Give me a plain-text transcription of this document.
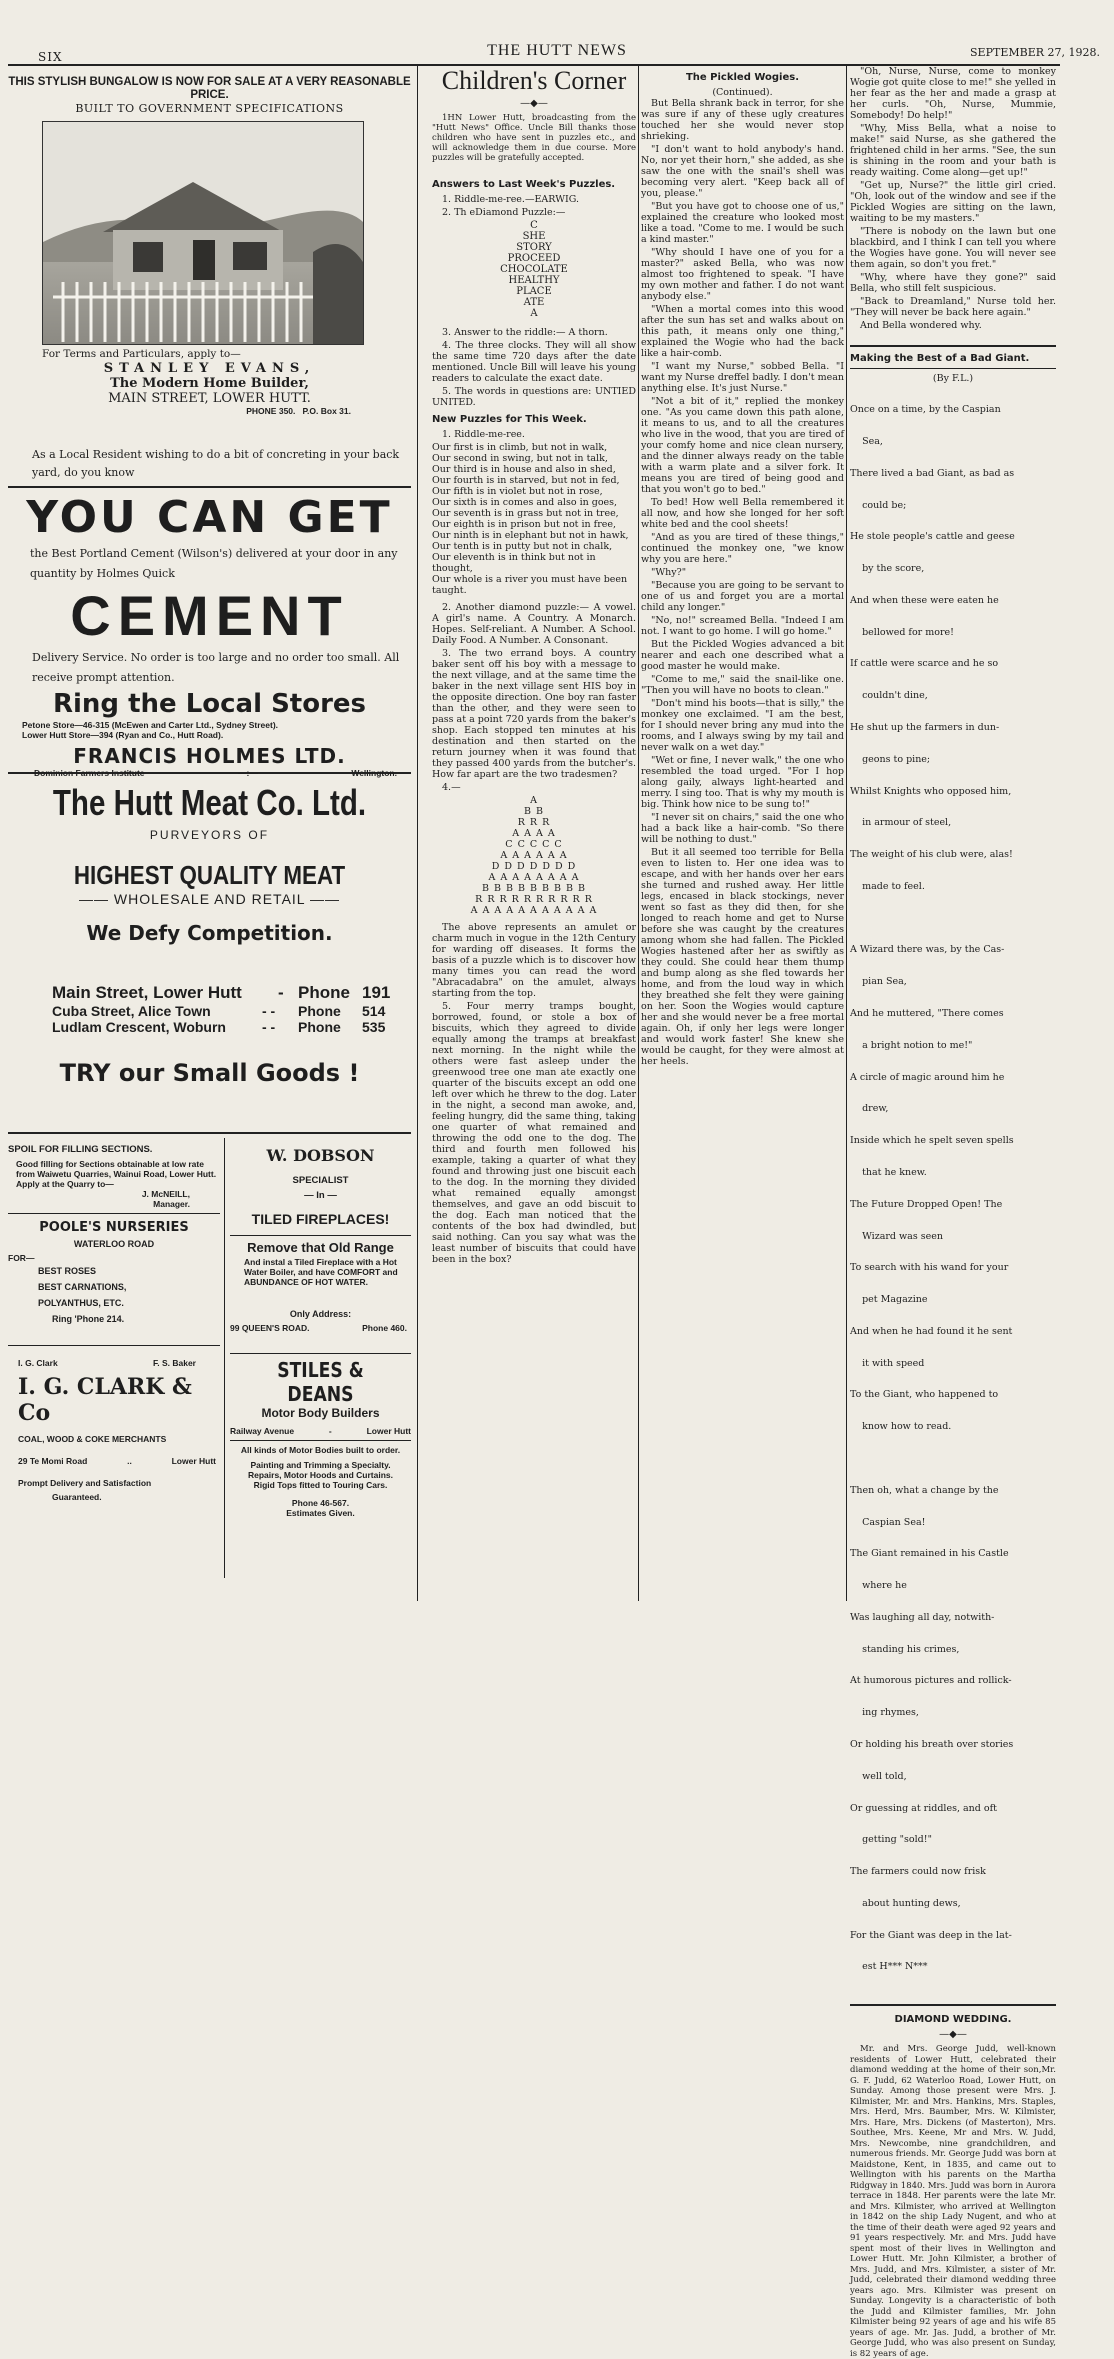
SIX	THE HUTT NEWS	SEPTEMBER 27, 1928.
THIS STYLISH BUNGALOW IS NOW FOR SALE AT A VERY REASONABLE PRICE.
BUILT TO GOVERNMENT SPECIFICATIONS
For Terms and Particulars, apply to—
STANLEY EVANS,
The Modern Home Builder,
MAIN STREET, LOWER HUTT.
PHONE 350. P.O. Box 31.
As a Local Resident wishing to do a bit of concreting in your back yard, do you know
YOU CAN GET
the Best Portland Cement (Wilson's) delivered at your door in any quantity by Holmes Quick
CEMENT
Delivery Service. No order is too large and no order too small. All receive prompt attention.
Ring the Local Stores
Petone Store—46-315 (McEwen and Carter Ltd., Sydney Street).
Lower Hutt Store—394 (Ryan and Co., Hutt Road).
FRANCIS HOLMES LTD.
Dominion Farmers Institute	—:—	Wellington.
The Hutt Meat Co. Ltd.
PURVEYORS OF
HIGHEST QUALITY MEAT
—— WHOLESALE AND RETAIL ——
We Defy Competition.
Main Street, Lower Hutt	- Phone 191
Cuba Street, Alice Town	- -	Phone	514
Ludlam Crescent, Woburn	- -	Phone	535
TRY our Small Goods !
SPOIL FOR FILLING SECTIONS.
Good filling for Sections obtainable at low rate from Waiwetu Quarries, Wainui Road, Lower Hutt. Apply at the Quarry to—
J. McNEILL,
Manager.
POOLE'S NURSERIES
WATERLOO ROAD
FOR—
BEST ROSES
BEST CARNATIONS,
POLYANTHUS, ETC.
Ring 'Phone 214.
I. G. Clark	F. S. Baker
I. G. CLARK & Co
COAL, WOOD & COKE MERCHANTS
29 Te Momi Road	..	Lower Hutt
Prompt Delivery and Satisfaction
Guaranteed.
W. DOBSON
SPECIALIST
— In —
TILED FIREPLACES!
Remove that Old Range
And instal a Tiled Fireplace with a Hot Water Boiler, and have COMFORT and ABUNDANCE OF HOT WATER.
Only Address:
99 QUEEN'S ROAD.	Phone 460.
STILES & DEANS
Motor Body Builders
Railway Avenue	-	Lower Hutt
All kinds of Motor Bodies built to order.
Painting and Trimming a Specialty.
Repairs, Motor Hoods and Curtains.
Rigid Tops fitted to Touring Cars.
Phone 46-567.
Estimates Given.
Children's Corner
—◆—

1HN Lower Hutt, broadcasting from the "Hutt News" Office. Uncle Bill thanks those children who have sent in puzzles etc., and will acknowledge them in due course. More puzzles will be gratefully accepted.

Answers to Last Week's Puzzles.

1. Riddle-me-ree.—EARWIG.

2. Th eDiamond Puzzle:—

C
SHE
STORY
PROCEED
CHOCOLATE
HEALTHY
PLACE
ATE
A

3. Answer to the riddle:— A thorn.

4. The three clocks. They will all show the same time 720 days after the date mentioned. Uncle Bill will leave his young readers to calculate the exact date.

5. The words in questions are: UNTIED UNITED.

New Puzzles for This Week.

1. Riddle-me-ree.

Our first is in climb, but not in walk,
Our second in swing, but not in talk,
Our third is in house and also in shed,
Our fourth is in starved, but not in fed,
Our fifth is in violet but not in rose,
Our sixth is in comes and also in goes,
Our seventh is in grass but not in tree,
Our eighth is in prison but not in free,
Our ninth is in elephant but not in hawk,
Our tenth is in putty but not in chalk,
Our eleventh is in think but not in thought,
Our whole is a river you must have been taught.

2. Another diamond puzzle:— A vowel. A girl's name. A Country. A Monarch. Hopes. Self-reliant. A Number. A School. Daily Food. A Number. A Consonant.

3. The two errand boys. A country baker sent off his boy with a message to the next village, and at the same time the baker in the next village sent HIS boy in the opposite direction. One boy ran faster than the other, and they were seen to pass at a point 720 yards from the baker's shop. Each stopped ten minutes at his destination and then started on the return journey when it was found that they passed 400 yards from the butcher's. How far apart are the two tradesmen?

4.—

A
B B
R R R
A A A A
C C C C C
A A A A A A
D D D D D D D
A A A A A A A A
B B B B B B B B B
R R R R R R R R R R
A A A A A A A A A A A

The above represents an amulet or charm much in vogue in the 12th Century for warding off diseases. It forms the basis of a puzzle which is to discover how many times you can read the word "Abracadabra" on the amulet, always starting from the top.

5. Four merry tramps bought, borrowed, found, or stole a box of biscuits, which they agreed to divide equally among the tramps at breakfast next morning. In the night while the others were fast asleep under the greenwood tree one man ate exactly one quarter of the biscuits except an odd one left over which he threw to the dog. Later in the night, a second man awoke, and, feeling hungry, did the same thing, taking one quarter of what remained and throwing the odd one to the dog. The third and fourth men followed his example, taking a quarter of what they found and throwing just one biscuit each to the dog. In the morning they divided what remained equally amongst themselves, and gave an odd biscuit to the dog. Each man noticed that the contents of the box had dwindled, but said nothing. Can you say what was the least number of biscuits that could have been in the box?

The Pickled Wogies.
(Continued).

But Bella shrank back in terror, for she was sure if any of these ugly creatures touched her she would never stop shrieking.

"I don't want to hold anybody's hand. No, nor yet their horn," she added, as she saw the one with the snail's shell was becoming very alert. "Keep back all of you, please."

"But you have got to choose one of us," explained the creature who looked most like a toad. "Come to me. I would be such a kind master."

"Why should I have one of you for a master?" asked Bella, who was now almost too frightened to speak. "I have my own mother and father. I do not want anybody else."

"When a mortal comes into this wood after the sun has set and walks about on this path, it means only one thing," explained the Wogie who had the back like a hair-comb.

"I want my Nurse," sobbed Bella. "I want my Nurse dreffel badly. I don't mean anything else. It's just Nurse."

"Not a bit of it," replied the monkey one. "As you came down this path alone, it means to us, and to all the creatures who live in the wood, that you are tired of your comfy home and nice clean nursery, and the dinner always ready on the table with a warm plate and a silver fork. It means you are tired of being good and that you won't go to bed."

To bed! How well Bella remembered it all now, and how she longed for her soft white bed and the cool sheets!

"And as you are tired of these things," continued the monkey one, "we know why you are here."

"Why?"

"Because you are going to be servant to one of us and forget you are a mortal child any longer."

"No, no!" screamed Bella. "Indeed I am not. I want to go home. I will go home."

But the Pickled Wogies advanced a bit nearer and each one described what a good master he would make.

"Come to me," said the snail-like one. "Then you will have no boots to clean."

"Don't mind his boots—that is silly," the monkey one exclaimed. "I am the best, for I should never bring any mud into the rooms, and I always swing by my tail and never walk on a wet day."

"Wet or fine, I never walk," the one who resembled the toad urged. "For I hop along gaily, always light-hearted and merry. I sing too. That is why my mouth is big. Think how nice to be sung to!"

"I never sit on chairs," said the one who had a back like a hair-comb. "So there will be nothing to dust."

But it all seemed too terrible for Bella even to listen to. Her one idea was to escape, and with her hands over her ears she turned and rushed away. Her little legs, encased in black stockings, never went so fast as they did then, for she longed to reach home and get to Nurse before she was caught by the creatures among whom she had fallen. The Pickled Wogies hastened after her as swiftly as they could. She could hear them thump and bump along as she fled towards her home, and from the loud way in which they breathed she felt they were gaining on her. Soon the Wogies would capture her and she would never be a free mortal again. Oh, if only her legs were longer and would work faster! She knew she would be caught, for they were almost at her heels.

"Oh, Nurse, Nurse, come to monkey Wogie got quite close to me!" she yelled in her fear as the her and made a grasp at her curls. "Oh, Nurse, Mummie, Somebody! Do help!"

"Why, Miss Bella, what a noise to make!" said Nurse, as she gathered the frightened child in her arms. "See, the sun is shining in the room and your bath is ready waiting. Come along—get up!"

"Get up, Nurse?" the little girl cried. "Oh, look out of the window and see if the Pickled Wogies are sitting on the lawn, waiting to be my masters."

"There is nobody on the lawn but one blackbird, and I think I can tell you where the Wogies have gone. You will never see them again, so don't you fret."

"Why, where have they gone?" said Bella, who still felt suspicious.

"Back to Dreamland," Nurse told her. "They will never be back here again."

And Bella wondered why.

Making the Best of a Bad Giant.
(By F.L.)

Once on a time, by the Caspian

Sea,

There lived a bad Giant, as bad as

could be;

He stole people's cattle and geese

by the score,

And when these were eaten he

bellowed for more!

If cattle were scarce and he so

couldn't dine,

He shut up the farmers in dun-

geons to pine;

Whilst Knights who opposed him,

in armour of steel,

The weight of his club were, alas!

made to feel.

A Wizard there was, by the Cas-

pian Sea,

And he muttered, "There comes

a bright notion to me!"

A circle of magic around him he

drew,

Inside which he spelt seven spells

that he knew.

The Future Dropped Open! The

Wizard was seen

To search with his wand for your

pet Magazine

And when he had found it he sent

it with speed

To the Giant, who happened to

know how to read.

Then oh, what a change by the

Caspian Sea!

The Giant remained in his Castle

where he

Was laughing all day, notwith-

standing his crimes,

At humorous pictures and rollick-

ing rhymes,

Or holding his breath over stories

well told,

Or guessing at riddles, and oft

getting "sold!"

The farmers could now frisk

about hunting dews,

For the Giant was deep in the lat-

est H*** N***

DIAMOND WEDDING.
—◆—

Mr. and Mrs. George Judd, well-known residents of Lower Hutt, celebrated their diamond wedding at the home of their son,Mr. G. F. Judd, 62 Waterloo Road, Lower Hutt, on Sunday. Among those present were Mrs. J. Kilmister, Mr. and Mrs. Hankins, Mrs. Staples, Mrs. Herd, Mrs. Baumber, Mrs. W. Kilmister, Mrs. Hare, Mrs. Dickens (of Masterton), Mrs. Southee, Mrs. Keene, Mr and Mrs. W. Judd, Mrs. Newcombe, nine grandchildren, and numerous friends. Mr. George Judd was born at Maidstone, Kent, in 1835, and came out to Wellington with his parents on the Martha Ridgway in 1840. Mrs. Judd was born in Aurora terrace in 1848. Her parents were the late Mr. and Mrs. Kilmister, who arrived at Wellington in 1842 on the ship Lady Nugent, and who at the time of their death were aged 92 years and 91 years respectively. Mr. and Mrs. Judd have spent most of their lives in Wellington and Lower Hutt. Mr. John Kilmister, a brother of Mrs. Judd, and Mrs. Kilmister, a sister of Mr. Judd, celebrated their diamond wedding three years ago. Mrs. Kilmister was present on Sunday. Longevity is a characteristic of both the Judd and Kilmister families, Mr. John Kilmister being 92 years of age and his wife 85 years of age. Mr. Jas. Judd, a brother of Mr. George Judd, who was also present on Sunday, is 82 years of age.
